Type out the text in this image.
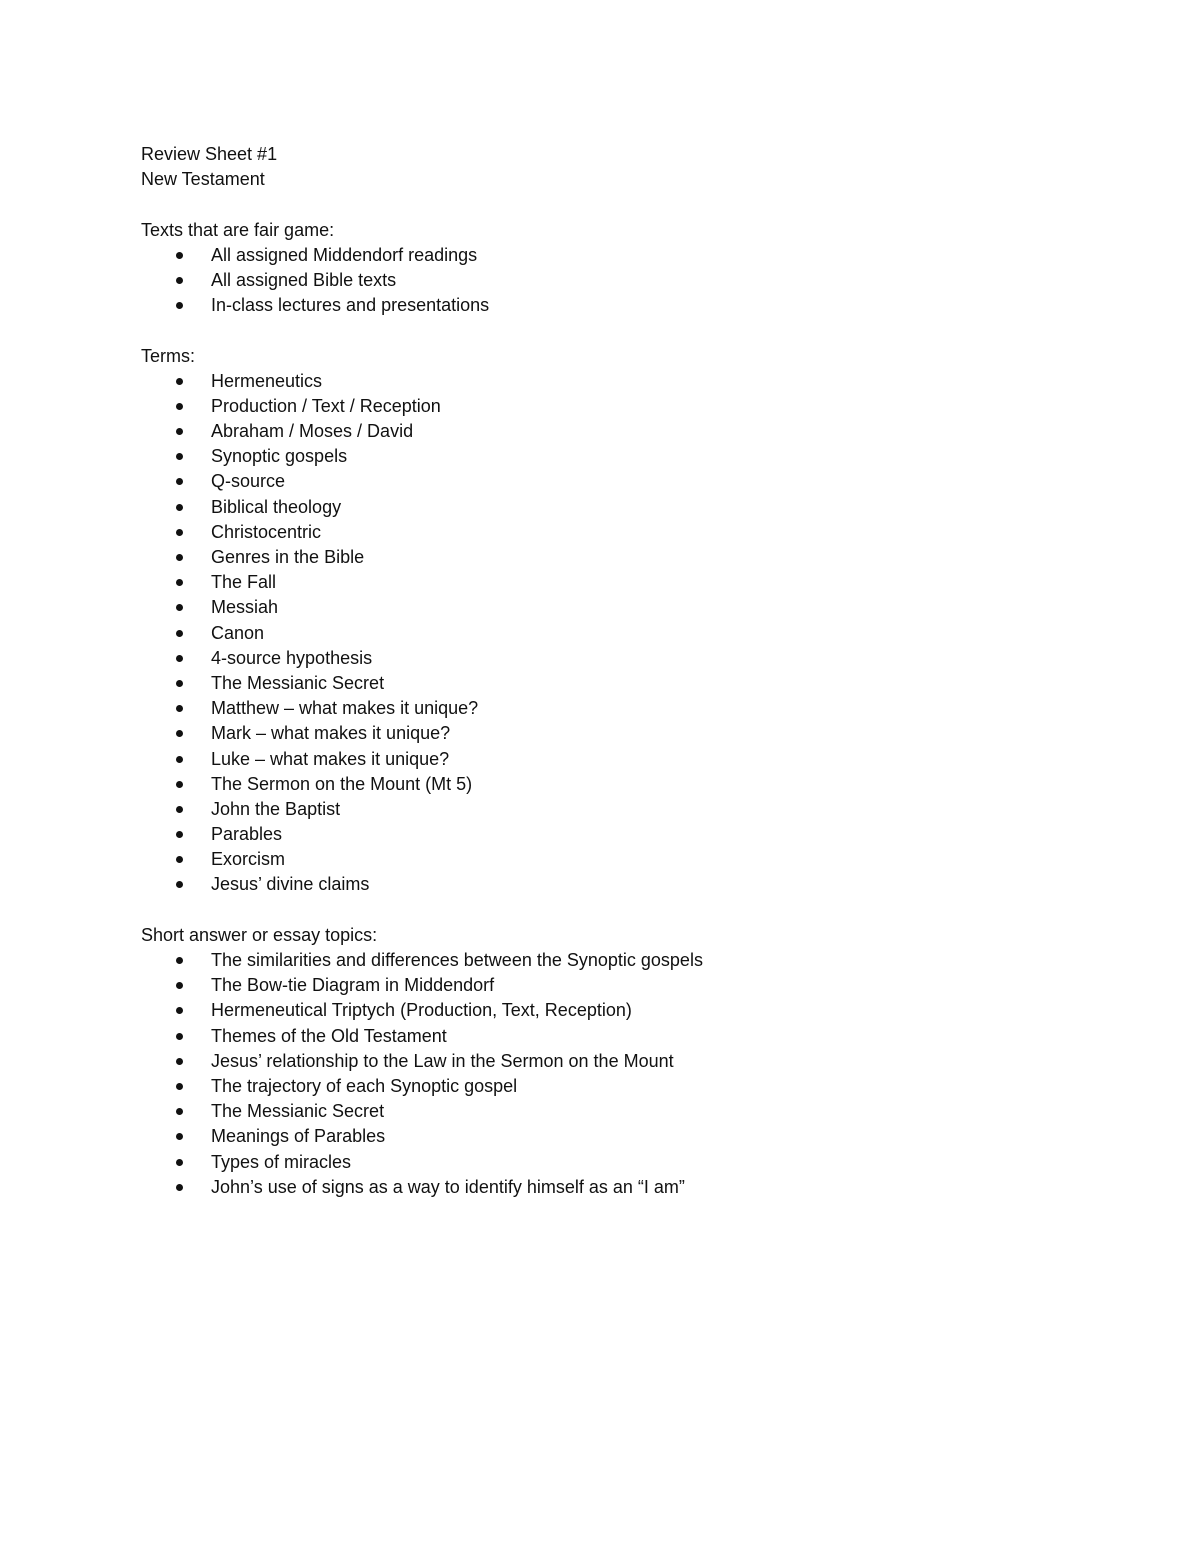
Review Sheet #1

New Testament

Texts that are fair game:

All assigned Middendorf readings
All assigned Bible texts
In-class lectures and presentations

Terms:

Hermeneutics
Production / Text / Reception
Abraham / Moses / David
Synoptic gospels
Q-source
Biblical theology
Christocentric
Genres in the Bible
The Fall
Messiah
Canon
4-source hypothesis
The Messianic Secret
Matthew – what makes it unique?
Mark – what makes it unique?
Luke – what makes it unique?
The Sermon on the Mount (Mt 5)
John the Baptist
Parables
Exorcism
Jesus’ divine claims

Short answer or essay topics:

The similarities and differences between the Synoptic gospels
The Bow-tie Diagram in Middendorf
Hermeneutical Triptych (Production, Text, Reception)
Themes of the Old Testament
Jesus’ relationship to the Law in the Sermon on the Mount
The trajectory of each Synoptic gospel
The Messianic Secret
Meanings of Parables
Types of miracles
John’s use of signs as a way to identify himself as an “I am”
